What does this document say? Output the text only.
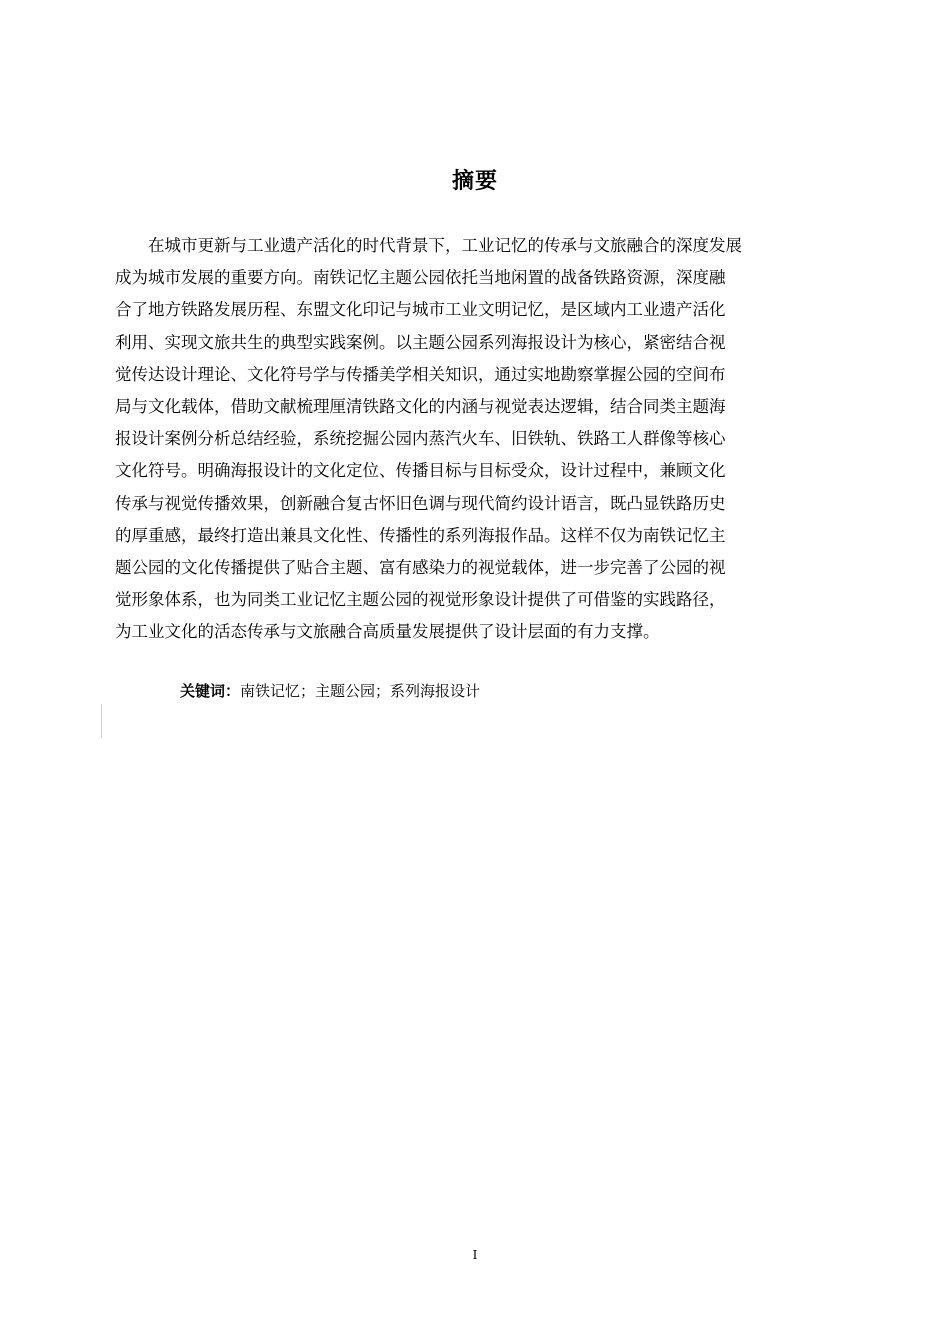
摘要
在城市更新与工业遗产活化的时代背景下，工业记忆的传承与文旅融合的深度发展
成为城市发展的重要方向。南铁记忆主题公园依托当地闲置的战备铁路资源，深度融
合了地方铁路发展历程、东盟文化印记与城市工业文明记忆，是区域内工业遗产活化
利用、实现文旅共生的典型实践案例。以主题公园系列海报设计为核心，紧密结合视
觉传达设计理论、文化符号学与传播美学相关知识，通过实地勘察掌握公园的空间布
局与文化载体，借助文献梳理厘清铁路文化的内涵与视觉表达逻辑，结合同类主题海
报设计案例分析总结经验，系统挖掘公园内蒸汽火车、旧铁轨、铁路工人群像等核心
文化符号。明确海报设计的文化定位、传播目标与目标受众，设计过程中，兼顾文化
传承与视觉传播效果，创新融合复古怀旧色调与现代简约设计语言，既凸显铁路历史
的厚重感，最终打造出兼具文化性、传播性的系列海报作品。这样不仅为南铁记忆主
题公园的文化传播提供了贴合主题、富有感染力的视觉载体，进一步完善了公园的视
觉形象体系，也为同类工业记忆主题公园的视觉形象设计提供了可借鉴的实践路径，
为工业文化的活态传承与文旅融合高质量发展提供了设计层面的有力支撑。
关键词：南铁记忆；主题公园；系列海报设计
I
